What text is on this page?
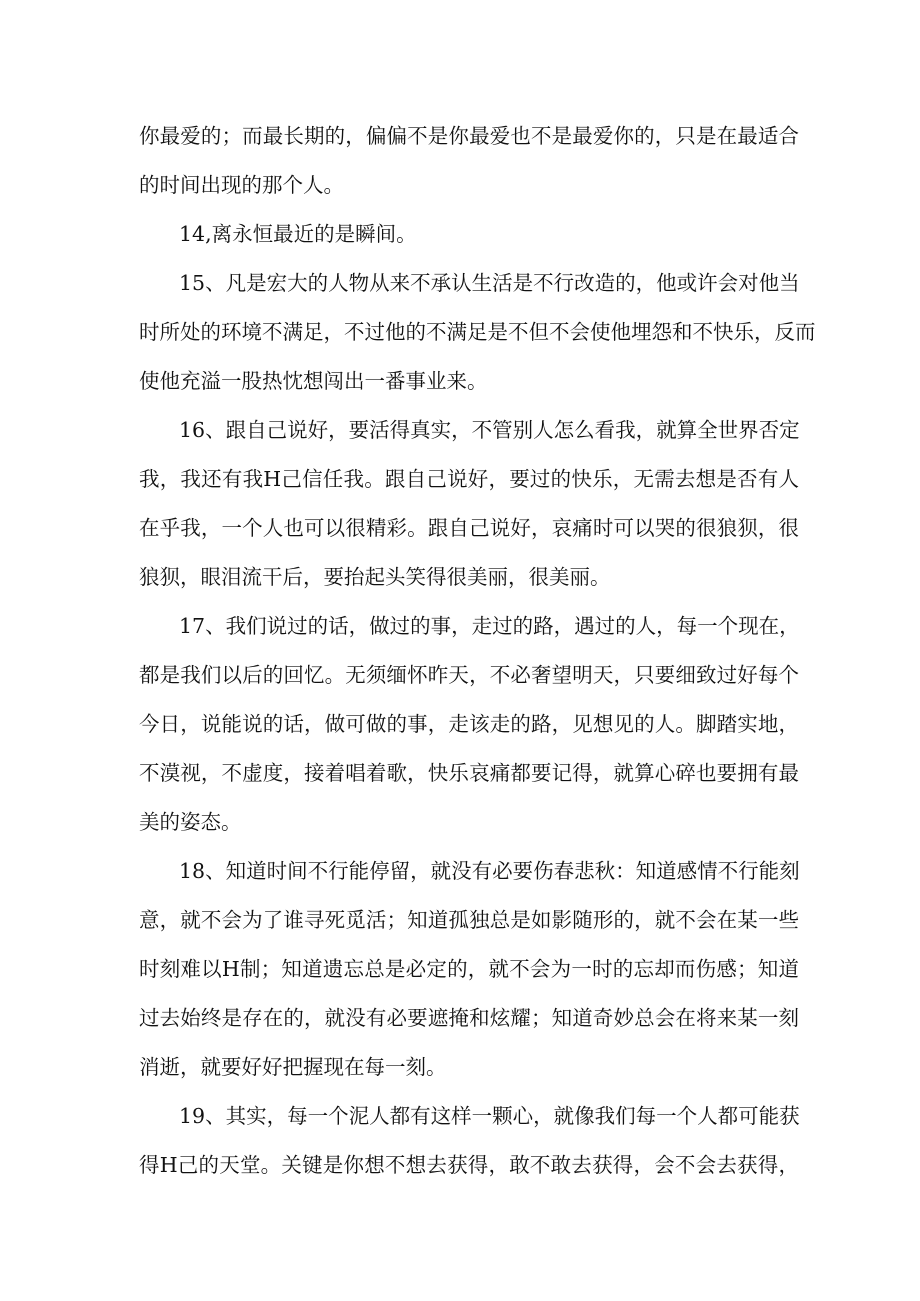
你最爱的；而最长期的，偏偏不是你最爱也不是最爱你的，只是在最适合
的时间出现的那个人。
14,离永恒最近的是瞬间。
15、凡是宏大的人物从来不承认生活是不行改造的，他或许会对他当
时所处的环境不满足，不过他的不满足是不但不会使他埋怨和不快乐，反而
使他充溢一股热忱想闯出一番事业来。
16、跟自己说好，要活得真实，不管别人怎么看我，就算全世界否定
我，我还有我H己信任我。跟自己说好，要过的快乐，无需去想是否有人
在乎我，一个人也可以很精彩。跟自己说好，哀痛时可以哭的很狼狈，很
狼狈，眼泪流干后，要抬起头笑得很美丽，很美丽。
17、我们说过的话，做过的事，走过的路，遇过的人，每一个现在，
都是我们以后的回忆。无须缅怀昨天，不必奢望明天，只要细致过好每个
今日，说能说的话，做可做的事，走该走的路，见想见的人。脚踏实地，
不漠视，不虚度，接着唱着歌，快乐哀痛都要记得，就算心碎也要拥有最
美的姿态。
18、知道时间不行能停留，就没有必要伤春悲秋：知道感情不行能刻
意，就不会为了谁寻死觅活；知道孤独总是如影随形的，就不会在某一些
时刻难以H制；知道遗忘总是必定的，就不会为一时的忘却而伤感；知道
过去始终是存在的，就没有必要遮掩和炫耀；知道奇妙总会在将来某一刻
消逝，就要好好把握现在每一刻。
19、其实，每一个泥人都有这样一颗心，就像我们每一个人都可能获
得H己的天堂。关键是你想不想去获得，敢不敢去获得，会不会去获得，
